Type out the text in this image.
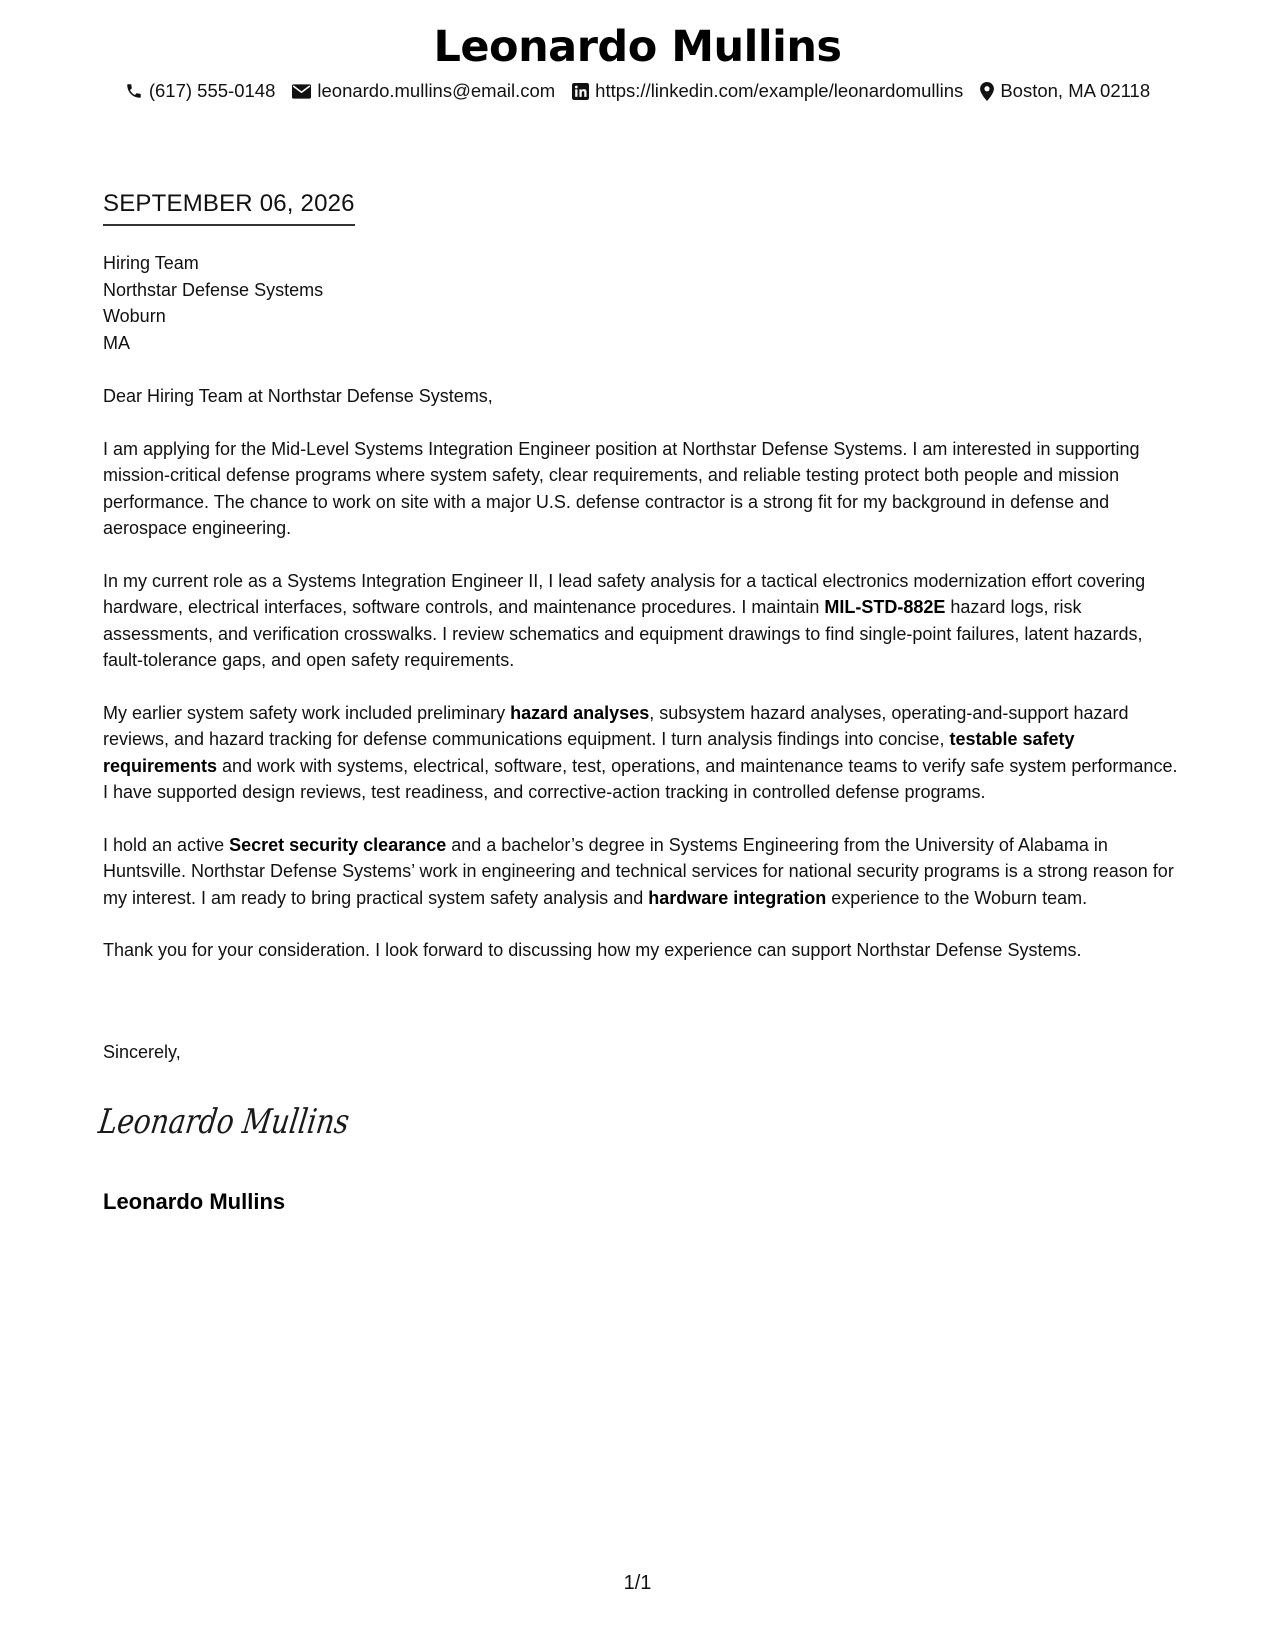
Leonardo Mullins
(617) 555-0148 leonardo.mullins@email.com https://linkedin.com/example/leonardomullins Boston, MA 02118
SEPTEMBER 06, 2026
Hiring Team
Northstar Defense Systems
Woburn
MA

Dear Hiring Team at Northstar Defense Systems,

I am applying for the Mid-Level Systems Integration Engineer position at Northstar Defense Systems. I am interested in supporting mission-critical defense programs where system safety, clear requirements, and reliable testing protect both people and mission performance. The chance to work on site with a major U.S. defense contractor is a strong fit for my background in defense and aerospace engineering.

In my current role as a Systems Integration Engineer II, I lead safety analysis for a tactical electronics modernization effort covering hardware, electrical interfaces, software controls, and maintenance procedures. I maintain MIL-STD-882E hazard logs, risk assessments, and verification crosswalks. I review schematics and equipment drawings to find single-point failures, latent hazards, fault-tolerance gaps, and open safety requirements.

My earlier system safety work included preliminary hazard analyses, subsystem hazard analyses, operating-and-support hazard reviews, and hazard tracking for defense communications equipment. I turn analysis findings into concise, testable safety requirements and work with systems, electrical, software, test, operations, and maintenance teams to verify safe system performance. I have supported design reviews, test readiness, and corrective-action tracking in controlled defense programs.

I hold an active Secret security clearance and a bachelor’s degree in Systems Engineering from the University of Alabama in Huntsville. Northstar Defense Systems’ work in engineering and technical services for national security programs is a strong reason for my interest. I am ready to bring practical system safety analysis and hardware integration experience to the Woburn team.

Thank you for your consideration. I look forward to discussing how my experience can support Northstar Defense Systems.

Sincerely,
Leonardo Mullins
Leonardo Mullins
1/1
